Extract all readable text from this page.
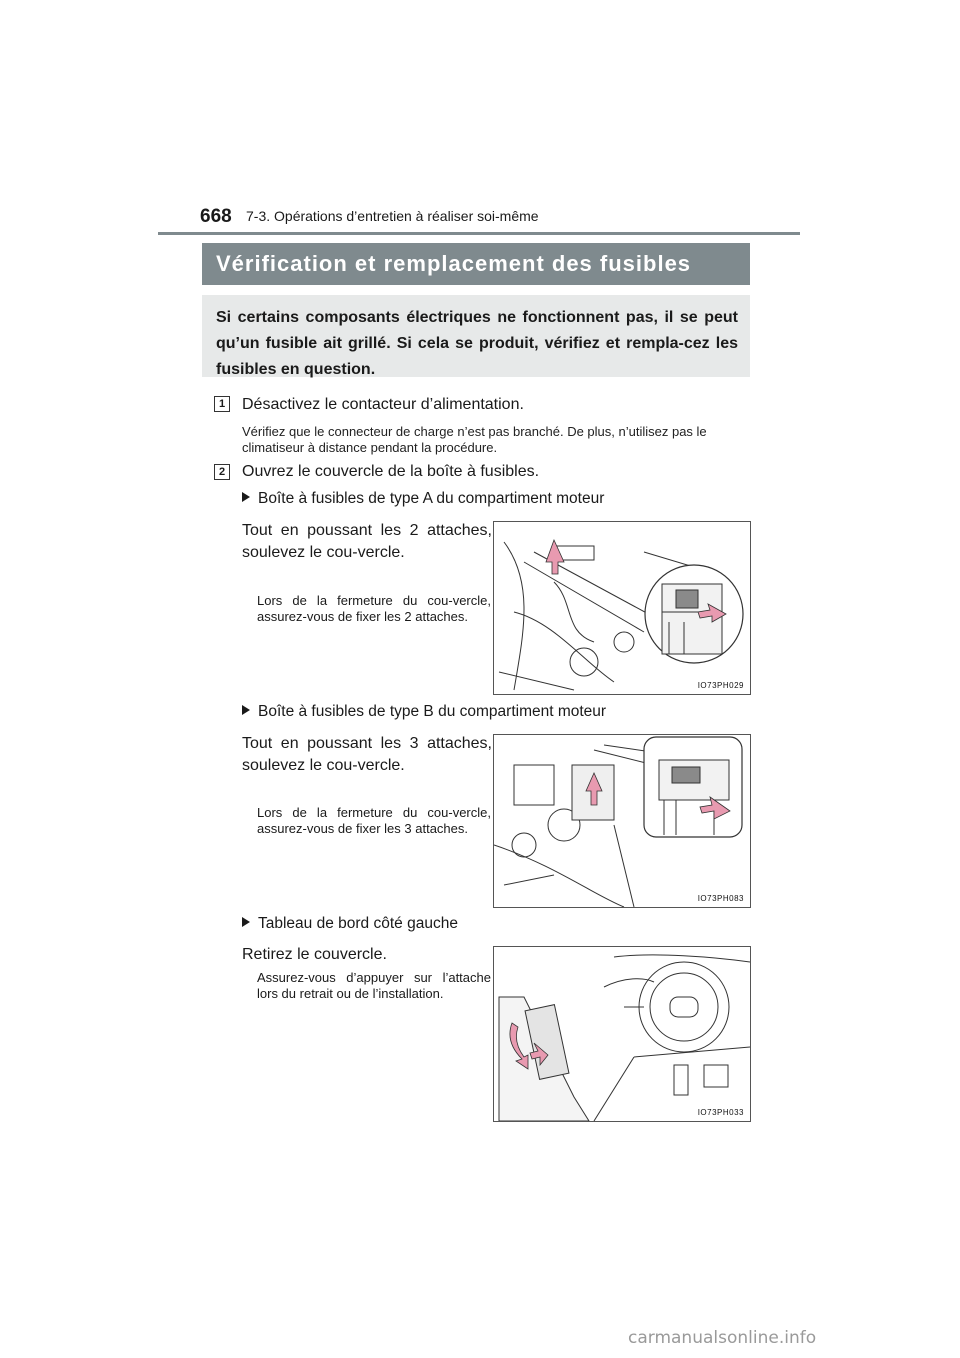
668 7-3. Opérations d’entretien à réaliser soi-même
Vérification et remplacement des fusibles
Si certains composants électriques ne fonctionnent pas, il se peut qu’un fusible ait grillé. Si cela se produit, vérifiez et rempla-cez les fusibles en question.
1	Désactivez le contacteur d’alimentation.
Vérifiez que le connecteur de charge n’est pas branché. De plus, n’utilisez pas le climatiseur à distance pendant la procédure.
2	Ouvrez le couvercle de la boîte à fusibles.
Boîte à fusibles de type A du compartiment moteur
Tout en poussant les 2 attaches, soulevez le cou-vercle.
Lors de la fermeture du cou-vercle, assurez-vous de fixer les 2 attaches.
IO73PH029
Boîte à fusibles de type B du compartiment moteur
Tout en poussant les 3 attaches, soulevez le cou-vercle.
Lors de la fermeture du cou-vercle, assurez-vous de fixer les 3 attaches.
IO73PH083
Tableau de bord côté gauche
Retirez le couvercle.
Assurez-vous d’appuyer sur l’attache lors du retrait ou de l’installation.
IO73PH033
carmanualsonline.info
